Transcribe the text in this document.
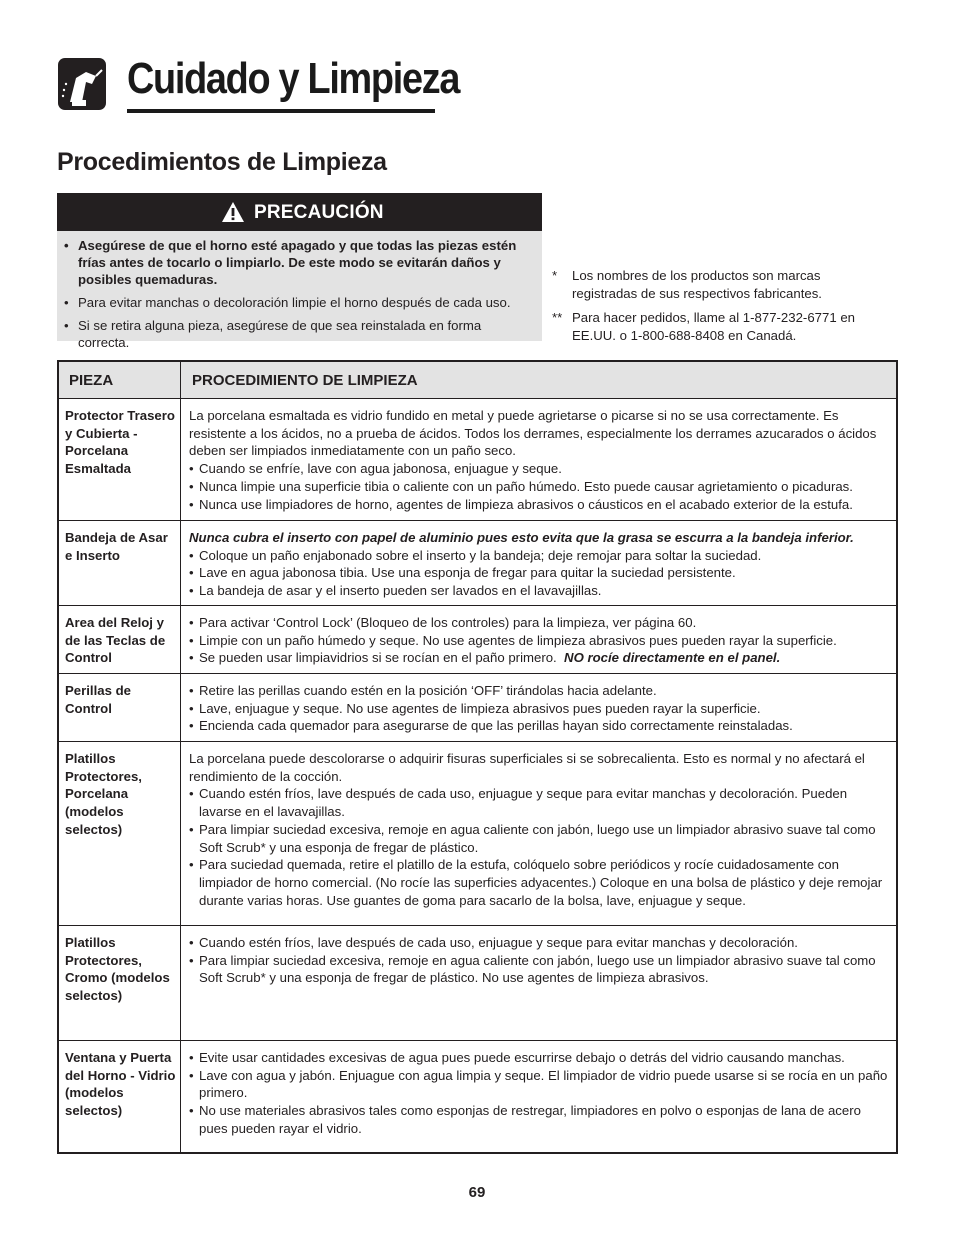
Cuidado y Limpieza
Procedimientos de Limpieza
PRECAUCIÓN
• Asegúrese de que el horno esté apagado y que todas las piezas estén frías antes de tocarlo o limpiarlo. De este modo se evitarán daños y posibles quemaduras.
• Para evitar manchas o decoloración limpie el horno después de cada uso.
• Si se retira alguna pieza, asegúrese de que sea reinstalada en forma correcta.
* Los nombres de los productos son marcas registradas de sus respectivos fabricantes.
** Para hacer pedidos, llame al 1-877-232-6771 en EE.UU. o 1-800-688-8408 en Canadá.
PIEZA	PROCEDIMIENTO DE LIMPIEZA
Protector Trasero y Cubierta - Porcelana Esmaltada

La porcelana esmaltada es vidrio fundido en metal y puede agrietarse o picarse si no se usa correctamente. Es resistente a los ácidos, no a prueba de ácidos. Todos los derrames, especialmente los derrames azucarados o ácidos deben ser limpiados inmediatamente con un paño seco.

• Cuando se enfríe, lave con agua jabonosa, enjuague y seque.
• Nunca limpie una superficie tibia o caliente con un paño húmedo. Esto puede causar agrietamiento o picaduras.
• Nunca use limpiadores de horno, agentes de limpieza abrasivos o cáusticos en el acabado exterior de la estufa.
Bandeja de Asar e Inserto

Nunca cubra el inserto con papel de aluminio pues esto evita que la grasa se escurra a la bandeja inferior.

• Coloque un paño enjabonado sobre el inserto y la bandeja; deje remojar para soltar la suciedad.
• Lave en agua jabonosa tibia. Use una esponja de fregar para quitar la suciedad persistente.
• La bandeja de asar y el inserto pueden ser lavados en el lavavajillas.
Area del Reloj y de las Teclas de Control
• Para activar ‘Control Lock’ (Bloqueo de los controles) para la limpieza, ver página 60.
• Limpie con un paño húmedo y seque. No use agentes de limpieza abrasivos pues pueden rayar la superficie.
• Se pueden usar limpiavidrios si se rocían en el paño primero. NO rocíe directamente en el panel.
Perillas de Control
• Retire las perillas cuando estén en la posición ‘OFF’ tirándolas hacia adelante.
• Lave, enjuague y seque. No use agentes de limpieza abrasivos pues pueden rayar la superficie.
• Encienda cada quemador para asegurarse de que las perillas hayan sido correctamente reinstaladas.
Platillos Protectores, Porcelana (modelos selectos)

La porcelana puede descolorarse o adquirir fisuras superficiales si se sobrecalienta. Esto es normal y no afectará el rendimiento de la cocción.

• Cuando estén fríos, lave después de cada uso, enjuague y seque para evitar manchas y decoloración. Pueden lavarse en el lavavajillas.
• Para limpiar suciedad excesiva, remoje en agua caliente con jabón, luego use un limpiador abrasivo suave tal como Soft Scrub* y una esponja de fregar de plástico.
• Para suciedad quemada, retire el platillo de la estufa, colóquelo sobre periódicos y rocíe cuidadosamente con limpiador de horno comercial. (No rocíe las superficies adyacentes.) Coloque en una bolsa de plástico y deje remojar durante varias horas. Use guantes de goma para sacarlo de la bolsa, lave, enjuague y seque.
Platillos Protectores, Cromo (modelos selectos)
• Cuando estén fríos, lave después de cada uso, enjuague y seque para evitar manchas y decoloración.
• Para limpiar suciedad excesiva, remoje en agua caliente con jabón, luego use un limpiador abrasivo suave tal como Soft Scrub* y una esponja de fregar de plástico. No use agentes de limpieza abrasivos.
Ventana y Puerta del Horno - Vidrio (modelos selectos)
• Evite usar cantidades excesivas de agua pues puede escurrirse debajo o detrás del vidrio causando manchas.
• Lave con agua y jabón. Enjuague con agua limpia y seque. El limpiador de vidrio puede usarse si se rocía en un paño primero.
• No use materiales abrasivos tales como esponjas de restregar, limpiadores en polvo o esponjas de lana de acero pues pueden rayar el vidrio.
69
